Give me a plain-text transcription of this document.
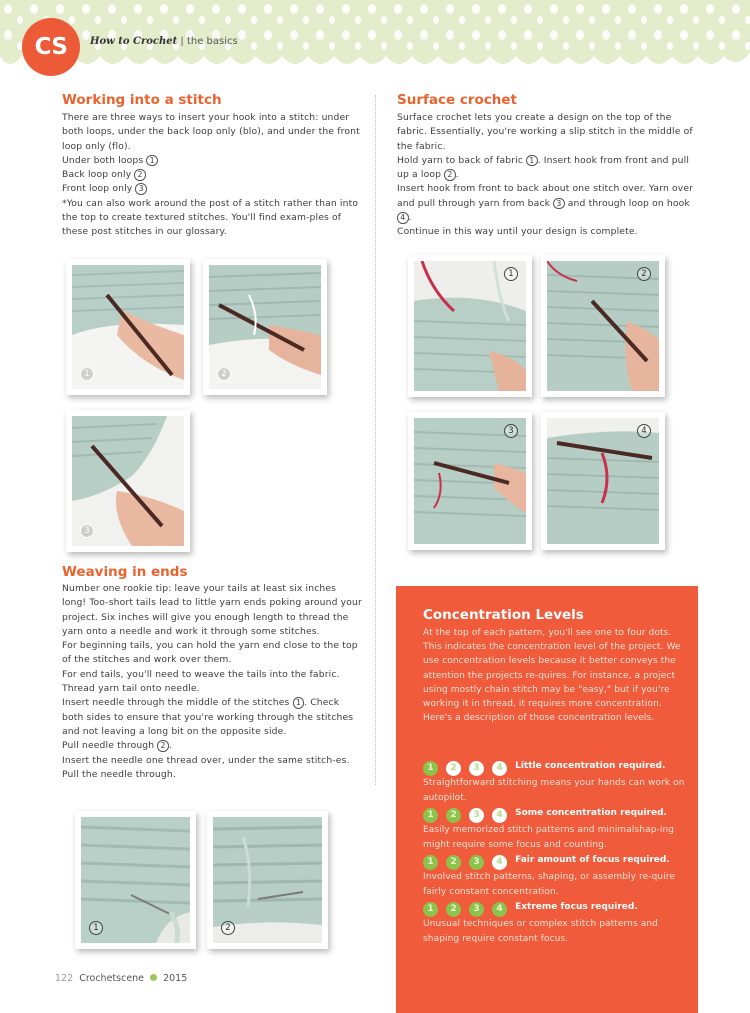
CS	How to Crochet | the basics
Working into a stitch

There are three ways to insert your hook into a stitch: under both loops, under the back loop only (blo), and under the front loop only (flo).

Under both loops 1

Back loop only 2

Front loop only 3

*You can also work around the post of a stitch rather than into the top to create textured stitches. You'll find exam-ples of these post stitches in our glossary.

1	2
3
Weaving in ends

Number one rookie tip: leave your tails at least six inches long! Too-short tails lead to little yarn ends poking around your project. Six inches will give you enough length to thread the yarn onto a needle and work it through some stitches.

For beginning tails, you can hold the yarn end close to the top of the stitches and work over them.

For end tails, you'll need to weave the tails into the fabric.

Thread yarn tail onto needle.

Insert needle through the middle of the stitches 1 . Check both sides to ensure that you're working through the stitches and not leaving a long bit on the opposite side.

Pull needle through 2 .

Insert the needle one thread over, under the same stitch-es. Pull the needle through.

1	2
Surface crochet

Surface crochet lets you create a design on the top of the fabric. Essentially, you're working a slip stitch in the middle of the fabric.

Hold yarn to back of fabric 1 . Insert hook from front and pull up a loop 2 .

Insert hook from front to back about one stitch over. Yarn over and pull through yarn from back 3 and through loop on hook 4 .

Continue in this way until your design is complete.

1	2
3	4
Concentration Levels
At the top of each pattern, you'll see one to four dots. This indicates the concentration level of the project. We use concentration levels because it better conveys the attention the projects re-quires. For instance, a project using mostly chain stitch may be "easy," but if you're working it in thread, it requires more concentration. Here's a description of those concentration levels.
1 2 3 4 Little concentration required.
Straightforward stitching means your hands can work on autopilot.
1 2 3 4 Some concentration required.
Easily memorized stitch patterns and minimalshap-ing might require some focus and counting.
1 2 3 4 Fair amount of focus required.
Involved stitch patterns, shaping, or assembly re-quire fairly constant concentration.
1 2 3 4 Extreme focus required.
Unusual techniques or complex stitch patterns and shaping require constant focus.
122 Crochetscene 2015
